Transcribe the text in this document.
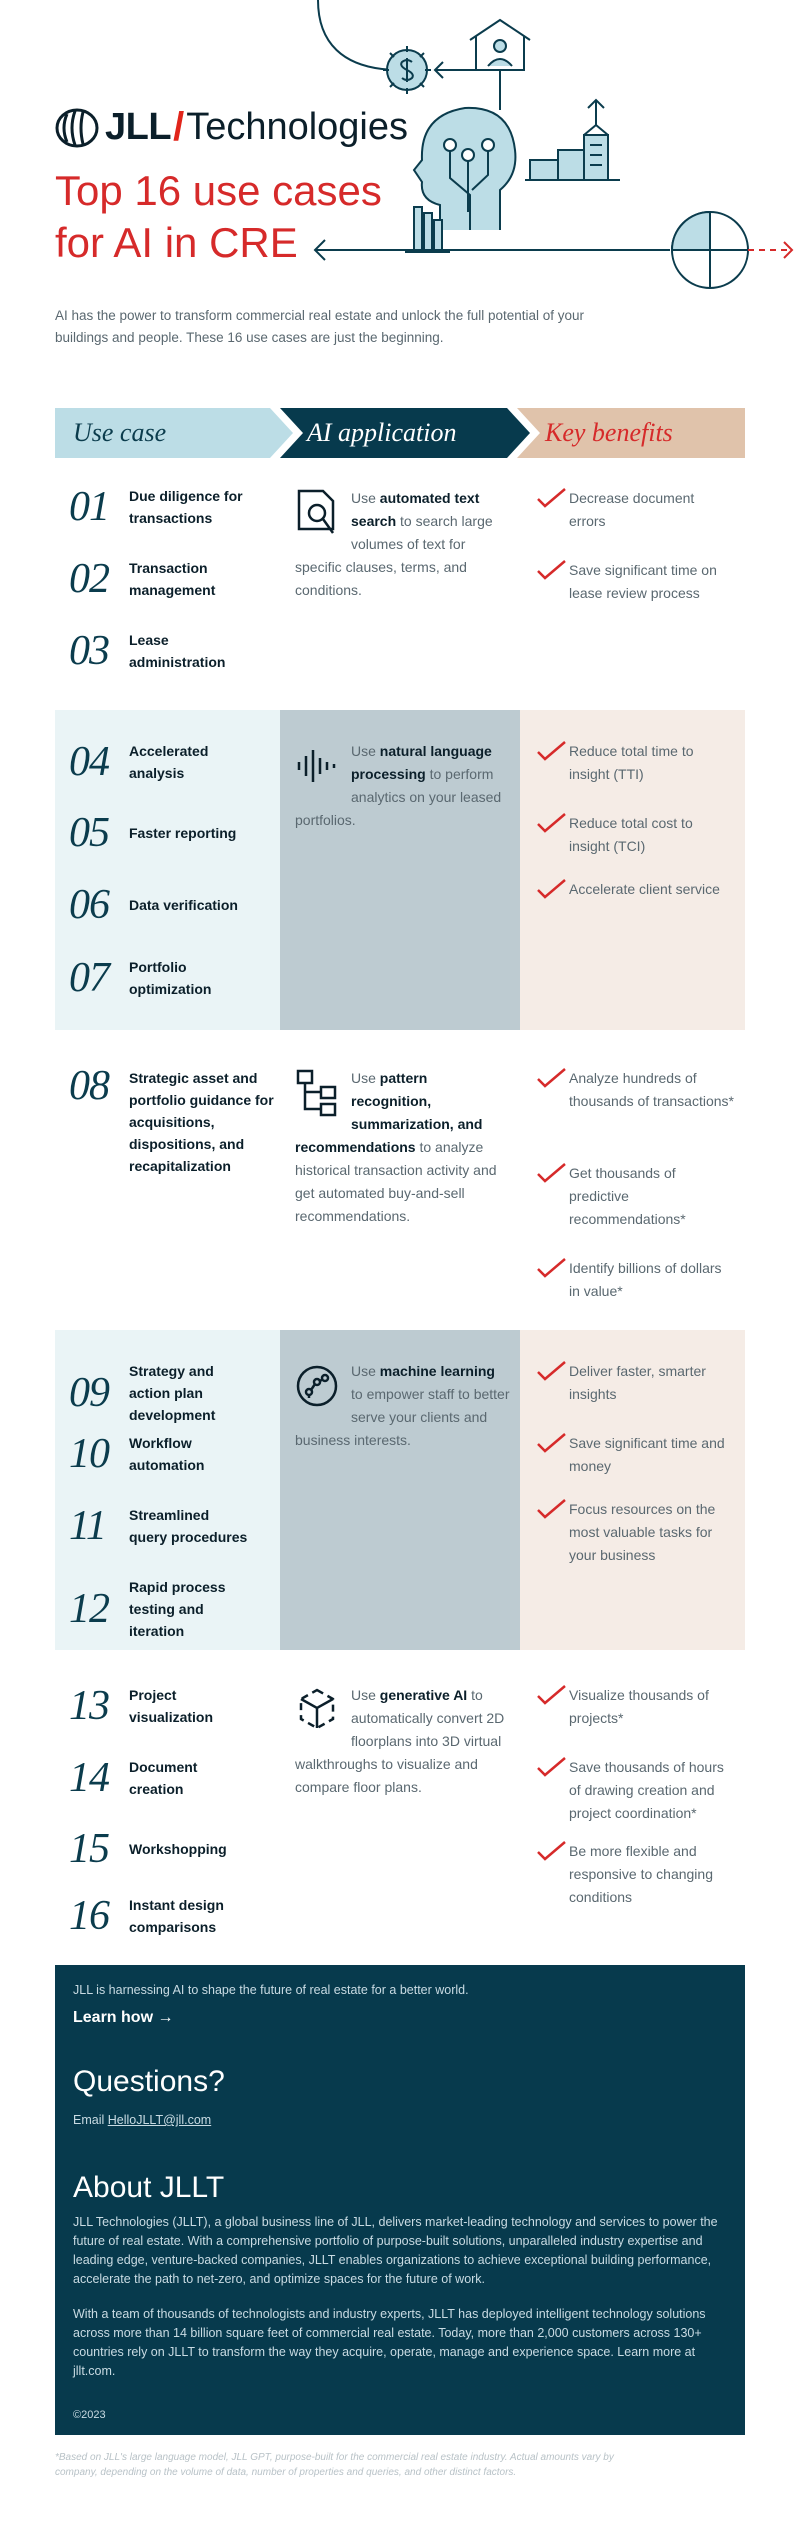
JLL / Technologies
Top 16 use cases for AI in CRE

AI has the power to transform commercial real estate and unlock the full potential of your buildings and people. These 16 use cases are just the beginning.

Use case	AI application	Key benefits
01	Due diligence for transactions
02	Transaction management
03	Lease administration
Use automated text search to search large volumes of text for specific clauses, terms, and conditions.
Decrease document errors
Save significant time on lease review process
04	Accelerated analysis
05	Faster reporting
06	Data verification
07	Portfolio optimization
Use natural language processing to perform analytics on your leased portfolios.
Reduce total time to insight (TTI)
Reduce total cost to insight (TCI)
Accelerate client service
08	Strategic asset and portfolio guidance for acquisitions, dispositions, and recapitalization
Use pattern recognition, summarization, and recommendations to analyze historical transaction activity and get automated buy-and-sell recommendations.
Analyze hundreds of thousands of transactions*
Get thousands of predictive recommendations*
Identify billions of dollars in value*
09	Strategy and action plan development
10	Workflow automation
11	Streamlined query procedures
12	Rapid process testing and iteration
Use machine learning to empower staff to better serve your clients and business interests.
Deliver faster, smarter insights
Save significant time and money
Focus resources on the most valuable tasks for your business
13	Project visualization
14	Document creation
15	Workshopping
16	Instant design comparisons
Use generative AI to automatically convert 2D floorplans into 3D virtual walkthroughs to visualize and compare floor plans.
Visualize thousands of projects*
Save thousands of hours of drawing creation and project coordination*
Be more flexible and responsive to changing conditions
JLL is harnessing AI to shape the future of real estate for a better world.
Learn how →
Questions?
Email HelloJLLT@jll.com
About JLLT

JLL Technologies (JLLT), a global business line of JLL, delivers market-leading technology and services to power the future of real estate. With a comprehensive portfolio of purpose-built solutions, unparalleled industry expertise and leading edge, venture-backed companies, JLLT enables organizations to achieve exceptional building performance, accelerate the path to net-zero, and optimize spaces for the future of work.

With a team of thousands of technologists and industry experts, JLLT has deployed intelligent technology solutions across more than 14 billion square feet of commercial real estate. Today, more than 2,000 customers across 130+ countries rely on JLLT to transform the way they acquire, operate, manage and experience space. Learn more at jllt.com.

©2023

*Based on JLL's large language model, JLL GPT, purpose-built for the commercial real estate industry. Actual amounts vary by company, depending on the volume of data, number of properties and queries, and other distinct factors.
